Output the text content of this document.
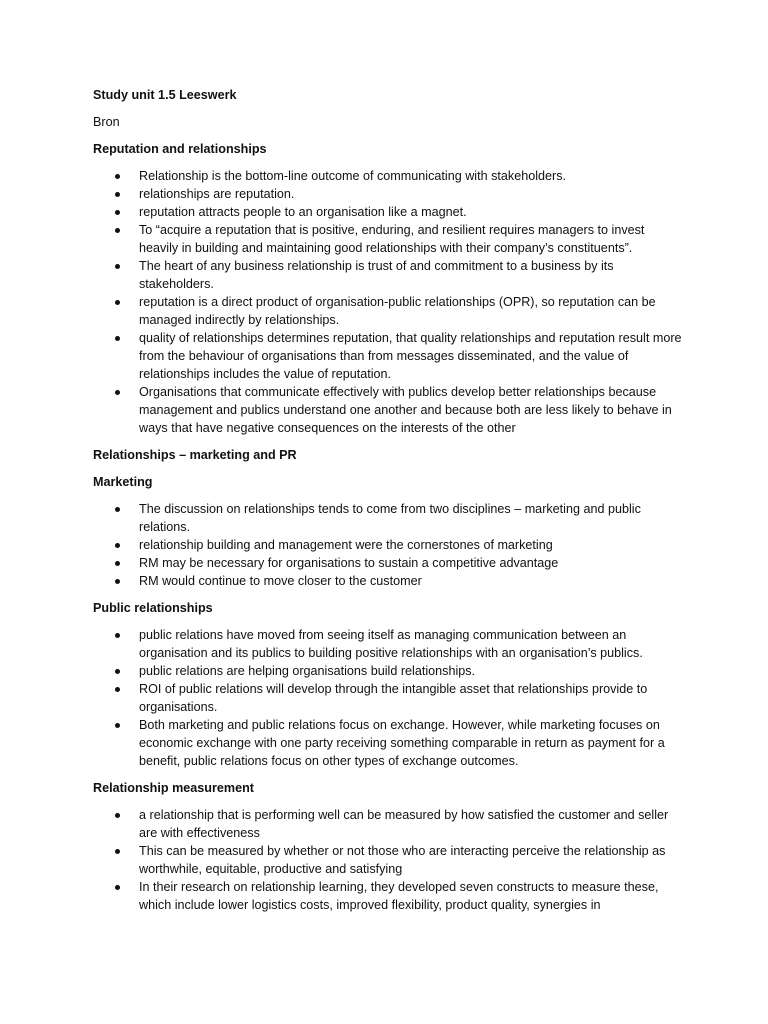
Study unit 1.5 Leeswerk

Bron

Reputation and relationships

Relationship is the bottom-line outcome of communicating with stakeholders.
relationships are reputation.
reputation attracts people to an organisation like a magnet.
To “acquire a reputation that is positive, enduring, and resilient requires managers to invest heavily in building and maintaining good relationships with their company’s constituents”.
The heart of any business relationship is trust of and commitment to a business by its stakeholders.
reputation is a direct product of organisation-public relationships (OPR), so reputation can be managed indirectly by relationships.
quality of relationships determines reputation, that quality relationships and reputation result more from the behaviour of organisations than from messages disseminated, and the value of relationships includes the value of reputation.
Organisations that communicate effectively with publics develop better relationships because management and publics understand one another and because both are less likely to behave in ways that have negative consequences on the interests of the other

Relationships – marketing and PR

Marketing

The discussion on relationships tends to come from two disciplines – marketing and public relations.
relationship building and management were the cornerstones of marketing
RM may be necessary for organisations to sustain a competitive advantage
RM would continue to move closer to the customer

Public relationships

public relations have moved from seeing itself as managing communication between an organisation and its publics to building positive relationships with an organisation’s publics.
public relations are helping organisations build relationships.
ROI of public relations will develop through the intangible asset that relationships provide to organisations.
Both marketing and public relations focus on exchange. However, while marketing focuses on economic exchange with one party receiving something comparable in return as payment for a benefit, public relations focus on other types of exchange outcomes.

Relationship measurement

a relationship that is performing well can be measured by how satisfied the customer and seller are with effectiveness
This can be measured by whether or not those who are interacting perceive the relationship as worthwhile, equitable, productive and satisfying
In their research on relationship learning, they developed seven constructs to measure these, which include lower logistics costs, improved flexibility, product quality, synergies in
